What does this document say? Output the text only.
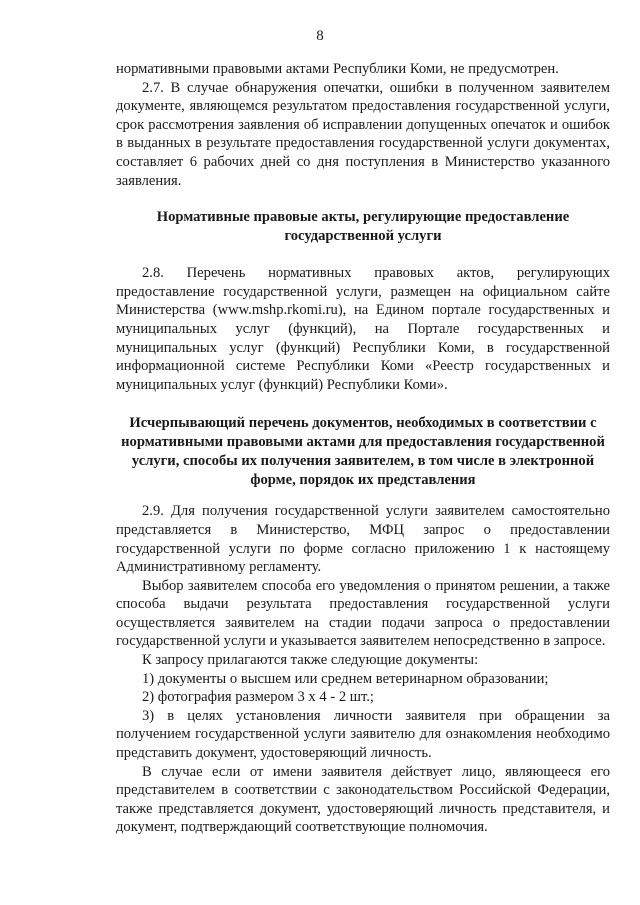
8

нормативными правовыми актами Республики Коми, не предусмотрен.

2.7. В случае обнаружения опечатки, ошибки в полученном заявителем документе, являющемся результатом предоставления государственной услуги, срок рассмотрения заявления об исправлении допущенных опечаток и ошибок в выданных в результате предоставления государственной услуги документах, составляет 6 рабочих дней со дня поступления в Министерство указанного заявления.

Нормативные правовые акты, регулирующие предоставление государственной услуги

2.8. Перечень нормативных правовых актов, регулирующих предоставление государственной услуги, размещен на официальном сайте Министерства (www.mshp.rkomi.ru), на Едином портале государственных и муниципальных услуг (функций), на Портале государственных и муниципальных услуг (функций) Республики Коми, в государственной информационной системе Республики Коми «Реестр государственных и муниципальных услуг (функций) Республики Коми».

Исчерпывающий перечень документов, необходимых в соответствии с нормативными правовыми актами для предоставления государственной услуги, способы их получения заявителем, в том числе в электронной форме, порядок их представления

2.9. Для получения государственной услуги заявителем самостоятельно представляется в Министерство, МФЦ запрос о предоставлении государственной услуги по форме согласно приложению 1 к настоящему Административному регламенту.

Выбор заявителем способа его уведомления о принятом решении, а также способа выдачи результата предоставления государственной услуги осуществляется заявителем на стадии подачи запроса о предоставлении государственной услуги и указывается заявителем непосредственно в запросе.

К запросу прилагаются также следующие документы:

1) документы о высшем или среднем ветеринарном образовании;

2) фотография размером 3 х 4 - 2 шт.;

3) в целях установления личности заявителя при обращении за получением государственной услуги заявителю для ознакомления необходимо представить документ, удостоверяющий личность.

В случае если от имени заявителя действует лицо, являющееся его представителем в соответствии с законодательством Российской Федерации, также представляется документ, удостоверяющий личность представителя, и документ, подтверждающий соответствующие полномочия.
